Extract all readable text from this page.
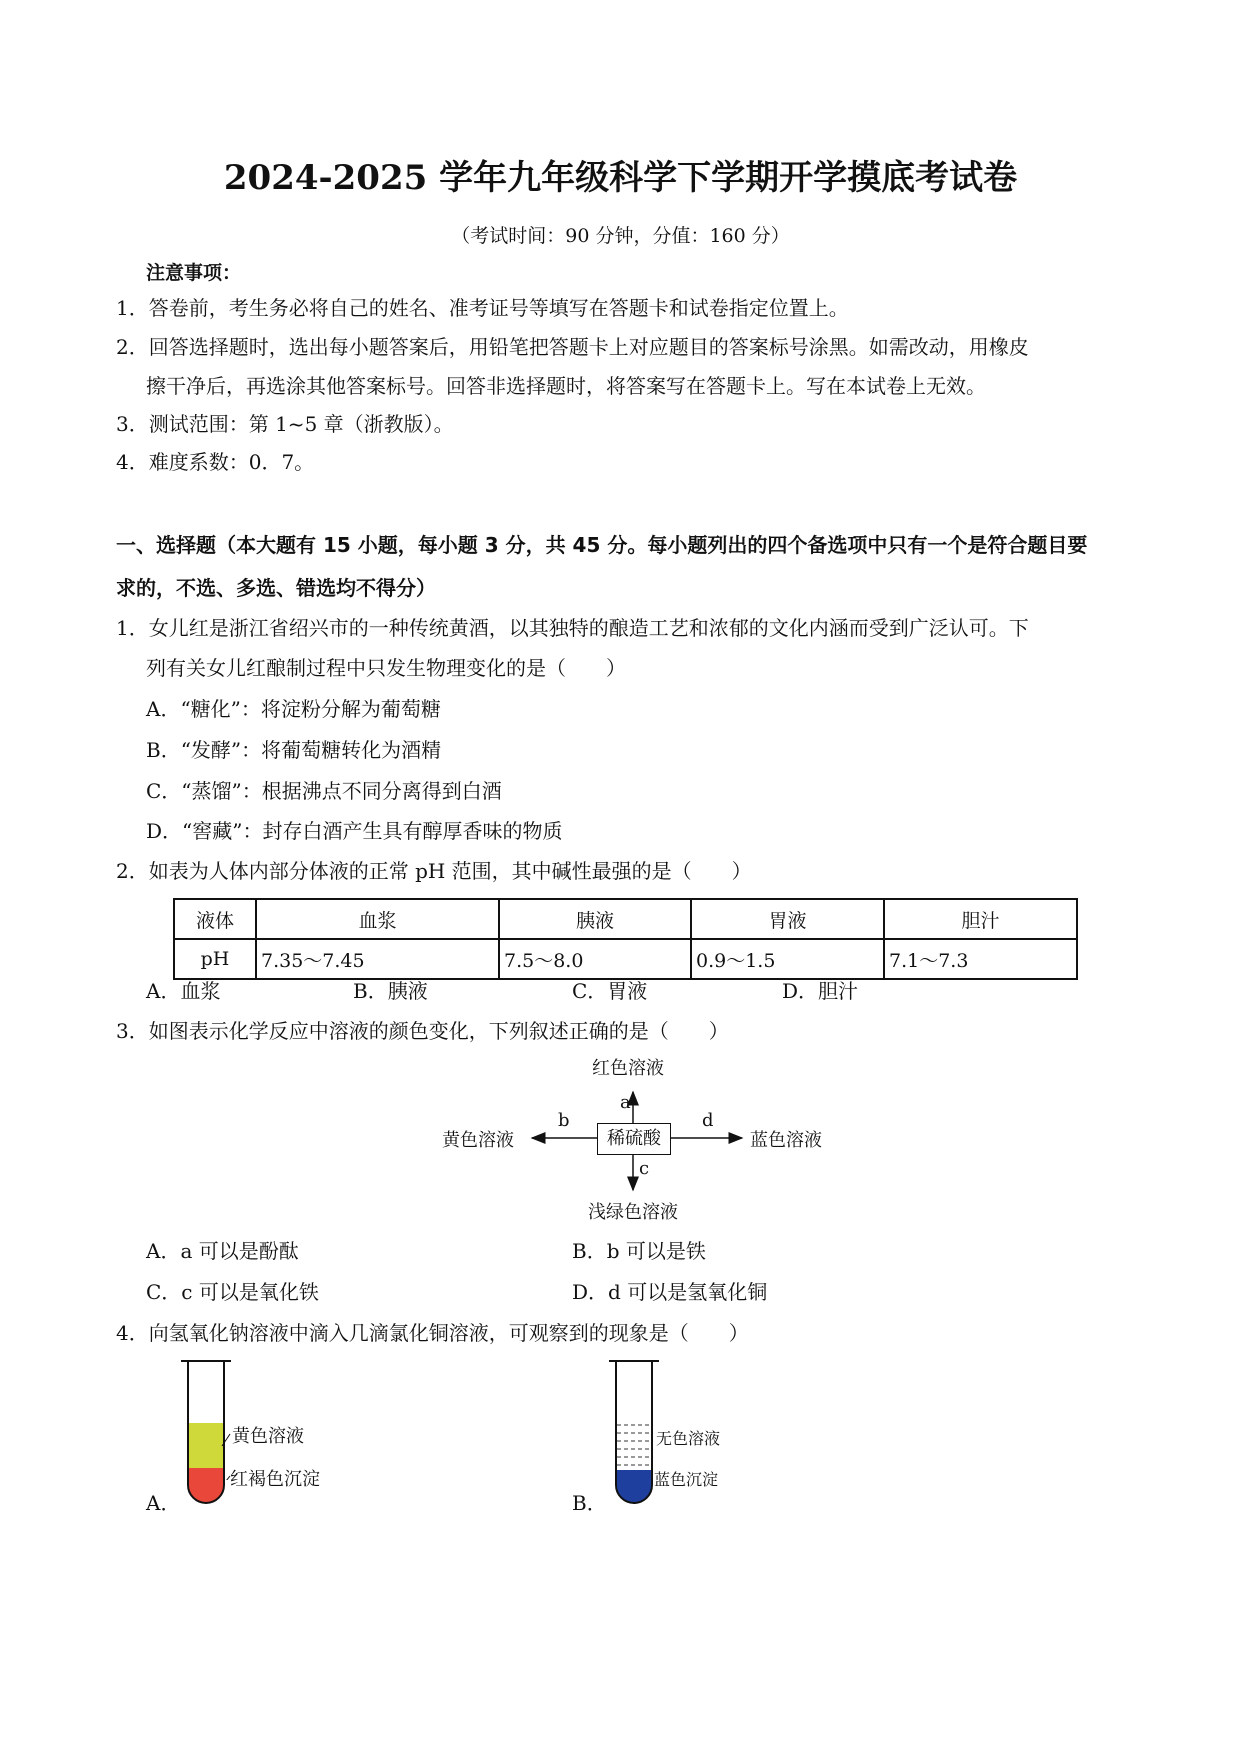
2024-2025 学年九年级科学下学期开学摸底考试卷
（考试时间：90 分钟，分值：160 分）
注意事项：
1．答卷前，考生务必将自己的姓名、准考证号等填写在答题卡和试卷指定位置上。
2．回答选择题时，选出每小题答案后，用铅笔把答题卡上对应题目的答案标号涂黑。如需改动，用橡皮
擦干净后，再选涂其他答案标号。回答非选择题时，将答案写在答题卡上。写在本试卷上无效。
3．测试范围：第 1~5 章（浙教版）。
4．难度系数：0．7。
一、选择题（本大题有 15 小题，每小题 3 分，共 45 分。每小题列出的四个备选项中只有一个是符合题目要
求的，不选、多选、错选均不得分）
1．女儿红是浙江省绍兴市的一种传统黄酒，以其独特的酿造工艺和浓郁的文化内涵而受到广泛认可。下
列有关女儿红酿制过程中只发生物理变化的是（　　）
A．“糖化”：将淀粉分解为葡萄糖
B．“发酵”：将葡萄糖转化为酒精
C．“蒸馏”：根据沸点不同分离得到白酒
D．“窖藏”：封存白酒产生具有醇厚香味的物质
2．如表为人体内部分体液的正常 pH 范围，其中碱性最强的是（　　）
液体	血浆	胰液	胃液	胆汁
pH	7.35～7.45	7.5～8.0	0.9～1.5	7.1～7.3
A．血浆	B．胰液	C．胃液	D．胆汁
3．如图表示化学反应中溶液的颜色变化，下列叙述正确的是（　　）
稀硫酸
红色溶液
黄色溶液	蓝色溶液
浅绿色溶液
a
b
c
d
A．a 可以是酚酞	B．b 可以是铁
C．c 可以是氧化铁	D．d 可以是氢氧化铜
4．向氢氧化钠溶液中滴入几滴氯化铜溶液，可观察到的现象是（　　）
黄色溶液
红褐色沉淀
A．
无色溶液
蓝色沉淀
B．
